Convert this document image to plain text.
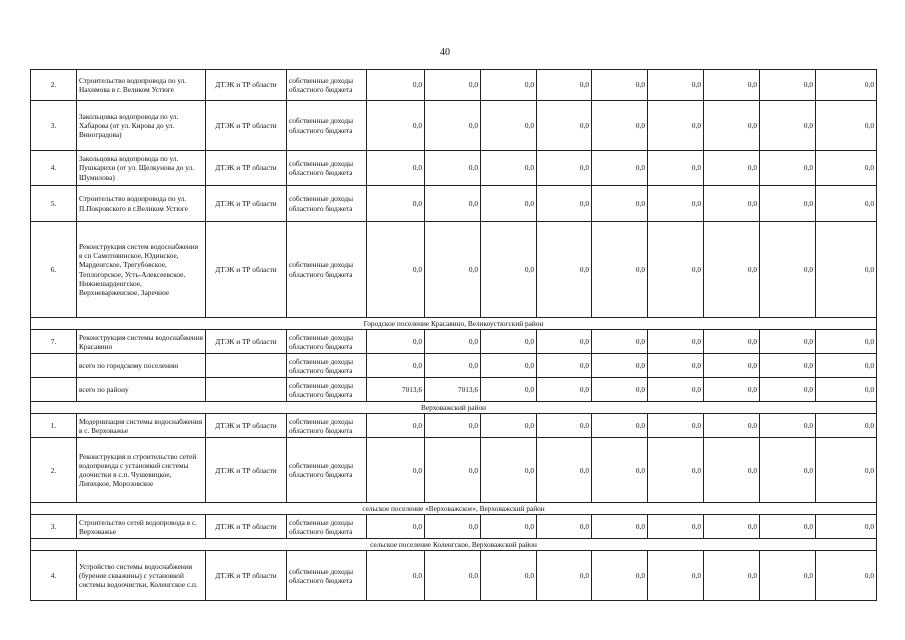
40
2.	Строительство водопровода по ул. Нахимова в г. Великом Устюге	ДТЭК и ТР области	собственные доходы областного бюджета	0,0	0,0	0,0	0,0	0,0	0,0	0,0	0,0	0,0
3.	Закольцовка водопровода по ул. Хабарова (от ул. Кирова до ул. Виноградова)	ДТЭК и ТР области	собственные доходы областного бюджета	0,0	0,0	0,0	0,0	0,0	0,0	0,0	0,0	0,0
4.	Закольцовка водопровода по ул. Пушкарихи (от ул. Щелкунова до ул. Шумилова)	ДТЭК и ТР области	собственные доходы областного бюджета	0,0	0,0	0,0	0,0	0,0	0,0	0,0	0,0	0,0
5.	Строительство водопровода по ул. П.Покровского в г.Великом Устюге	ДТЭК и ТР области	собственные доходы областного бюджета	0,0	0,0	0,0	0,0	0,0	0,0	0,0	0,0	0,0
6.	Реконструкция систем водоснабжения в сп Самотовинское, Юдинское, Марденгское, Трегубовское, Теплогорское, Усть-Алексеевское, Нижнешарденгское, Верхневарженское, Заречное	ДТЭК и ТР области	собственные доходы областного бюджета	0,0	0,0	0,0	0,0	0,0	0,0	0,0	0,0	0,0
Городское поселение Красавино, Великоустюгский район												
7.	Реконструкция системы водоснабжения Красавино	ДТЭК и ТР области	собственные доходы областного бюджета	0,0	0,0	0,0	0,0	0,0	0,0	0,0	0,0	0,0
	всего по городскому поселению		собственные доходы областного бюджета	0,0	0,0	0,0	0,0	0,0	0,0	0,0	0,0	0,0
	всего по району		собственные доходы областного бюджета	7013,6	7013,6	0,0	0,0	0,0	0,0	0,0	0,0	0,0
Верховажский район												
1.	Модернизация системы водоснабжения в с. Верховажье	ДТЭК и ТР области	собственные доходы областного бюджета	0,0	0,0	0,0	0,0	0,0	0,0	0,0	0,0	0,0
2.	Реконструкция и строительство сетей водопровода с установкой системы доочистки в с.п. Чушевицкое, Липецкое, Морозовское	ДТЭК и ТР области	собственные доходы областного бюджета	0,0	0,0	0,0	0,0	0,0	0,0	0,0	0,0	0,0
сельское поселение «Верховажское», Верховажский район												
3.	Строительство сетей водопровода в с. Верховажье	ДТЭК и ТР области	собственные доходы областного бюджета	0,0	0,0	0,0	0,0	0,0	0,0	0,0	0,0	0,0
сельское поселение Коленгское, Верховажский район												
4.	Устройство системы водоснабжения (бурение скважины) с установкой системы водоочистки, Коленгское с.п.	ДТЭК и ТР области	собственные доходы областного бюджета	0,0	0,0	0,0	0,0	0,0	0,0	0,0	0,0	0,0
